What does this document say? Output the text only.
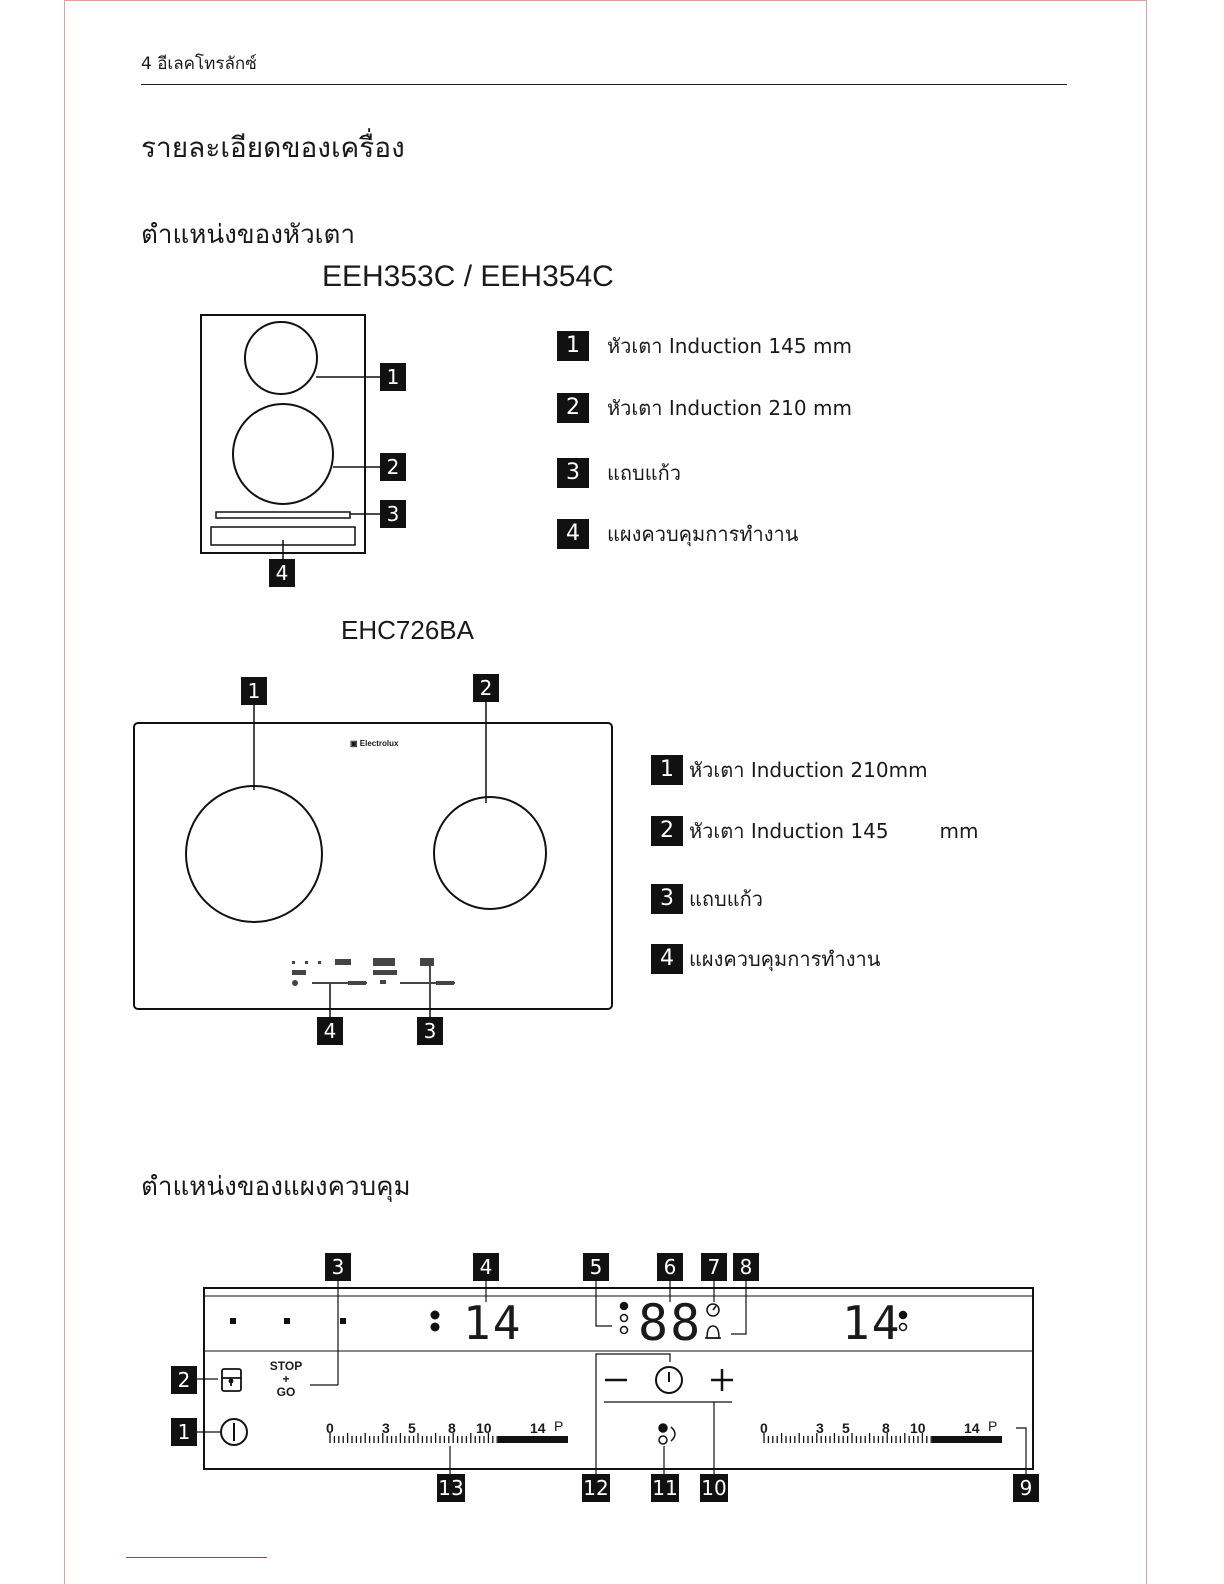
4 อีเลคโทรลักซ์
รายละเอียดของเครื่อง
ตำแหน่งของหัวเตา
EEH353C / EEH354C
1
2
3
4
1 หัวเตา Induction 145 mm
2 หัวเตา Induction 210 mm
3 แถบแก้ว
4 แผงควบคุมการทำงาน
EHC726BA
▣ Electrolux
1	2
4	3
1 หัวเตา Induction 210mm
2 หัวเตา Induction 145        mm
3 แถบแก้ว
4 แผงควบคุมการทำงาน
ตำแหน่งของแผงควบคุม
14 88	14
STOP
+
GO
3	4	5	6	7 8
2
1
13	12 11 10	9
0	3 5 8 10	14 P	0	3 5 8 10	14 P
